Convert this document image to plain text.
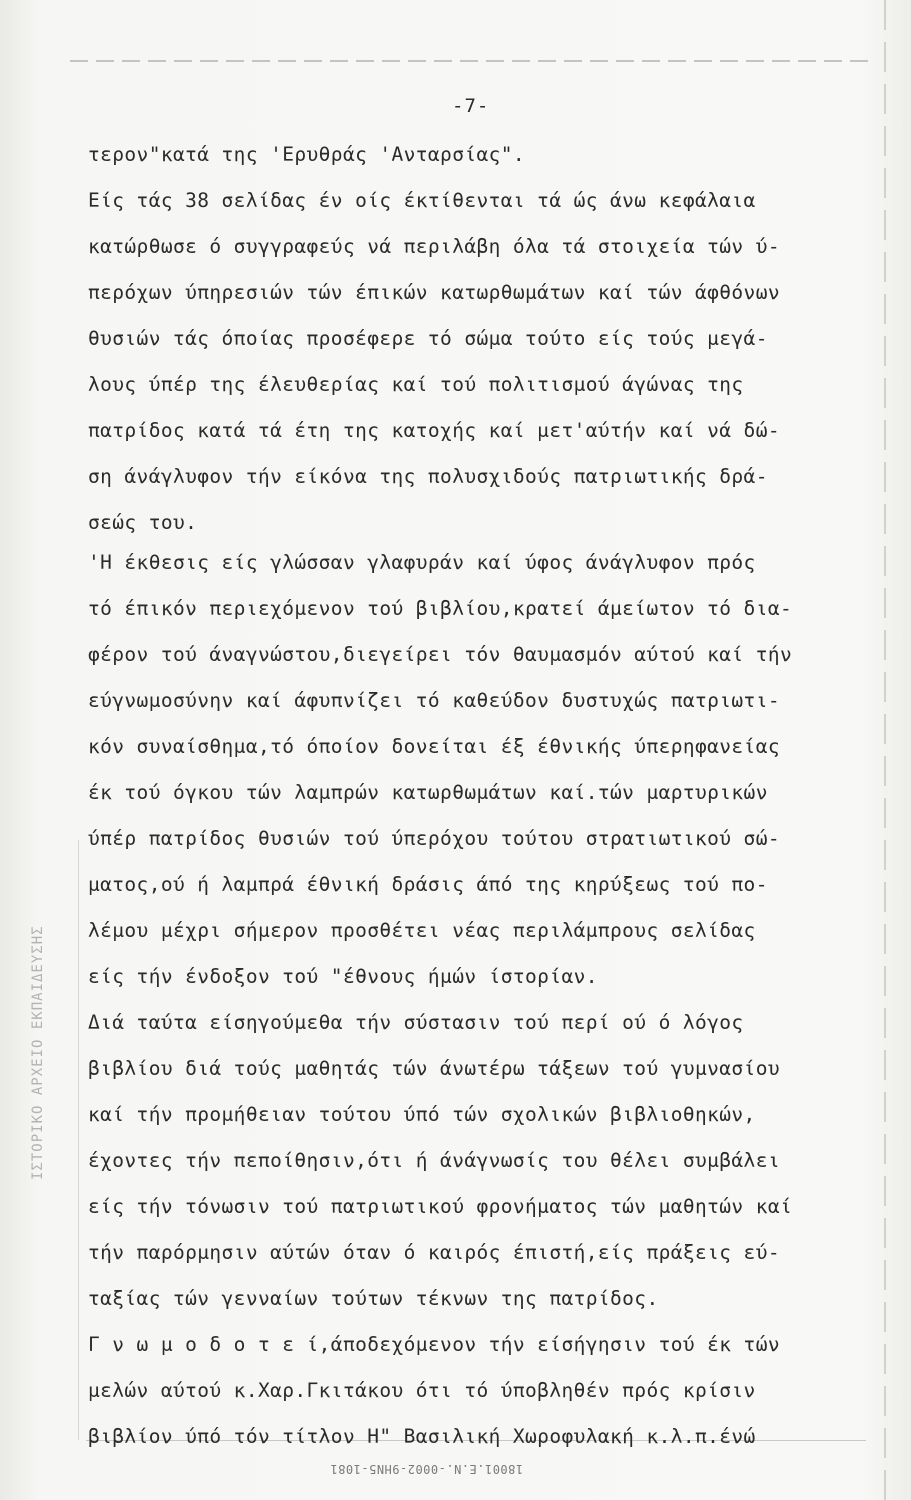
-7-
τερον"κατά της 'Ερυθράς 'Ανταρσίας".
Είς τάς 38 σελίδας έν οίς έκτίθενται τά ώς άνω κεφάλαια
κατώρθωσε ό συγγραφεύς νά περιλάβη όλα τά στοιχεία τών ύ-
περόχων ύπηρεσιών τών έπικών κατωρθωμάτων καί τών άφθόνων
θυσιών τάς όποίας προσέφερε τό σώμα τούτο είς τούς μεγά-
λους ύπέρ της έλευθερίας καί τού πολιτισμού άγώνας της
πατρίδος κατά τά έτη της κατοχής καί μετ'αύτήν καί νά δώ-
ση άνάγλυφον τήν είκόνα της πολυσχιδούς πατριωτικής δρά-
σεώς του.
'Η έκθεσις είς γλώσσαν γλαφυράν καί ύφος άνάγλυφον πρός
τό έπικόν περιεχόμενον τού βιβλίου,κρατεί άμείωτον τό δια-
φέρον τού άναγνώστου,διεγείρει τόν θαυμασμόν αύτού καί τήν
εύγνωμοσύνην καί άφυπνίζει τό καθεύδον δυστυχώς πατριωτι-
κόν συναίσθημα,τό όποίον δονείται έξ έθνικής ύπερηφανείας
έκ τού όγκου τών λαμπρών κατωρθωμάτων καί.τών μαρτυρικών
ύπέρ πατρίδος θυσιών τού ύπερόχου τούτου στρατιωτικού σώ-
ματος,ού ή λαμπρά έθνική δράσις άπό της κηρύξεως τού πο-
λέμου μέχρι σήμερον προσθέτει νέας περιλάμπρους σελίδας
είς τήν ένδοξον τού "έθνους ήμών ίστορίαν.
Διά ταύτα είσηγούμεθα τήν σύστασιν τού περί ού ό λόγος
βιβλίου διά τούς μαθητάς τών άνωτέρω τάξεων τού γυμνασίου
καί τήν προμήθειαν τούτου ύπό τών σχολικών βιβλιοθηκών,
έχοντες τήν πεποίθησιν,ότι ή άνάγνωσίς του θέλει συμβάλει
είς τήν τόνωσιν τού πατριωτικού φρονήματος τών μαθητών καί
τήν παρόρμησιν αύτών όταν ό καιρός έπιστή,είς πράξεις εύ-
ταξίας τών γενναίων τούτων τέκνων της πατρίδος.
Γ ν ω μ ο δ ο τ ε ί,άποδεχόμενον τήν είσήγησιν τού έκ τών
μελών αύτού κ.Χαρ.Γκιτάκου ότι τό ύποβληθέν πρός κρίσιν
βιβλίον ύπό τόν τίτλον Η" Βασιλική Χωροφυλακή κ.λ.π.ένώ
ΙΣΤΟΡΙΚΟ ΑΡΧΕΙΟ ΕΚΠΑΙΔΕΥΣΗΣ
18001.Ε.Ν.-0002-9ΗΝ5-1081
